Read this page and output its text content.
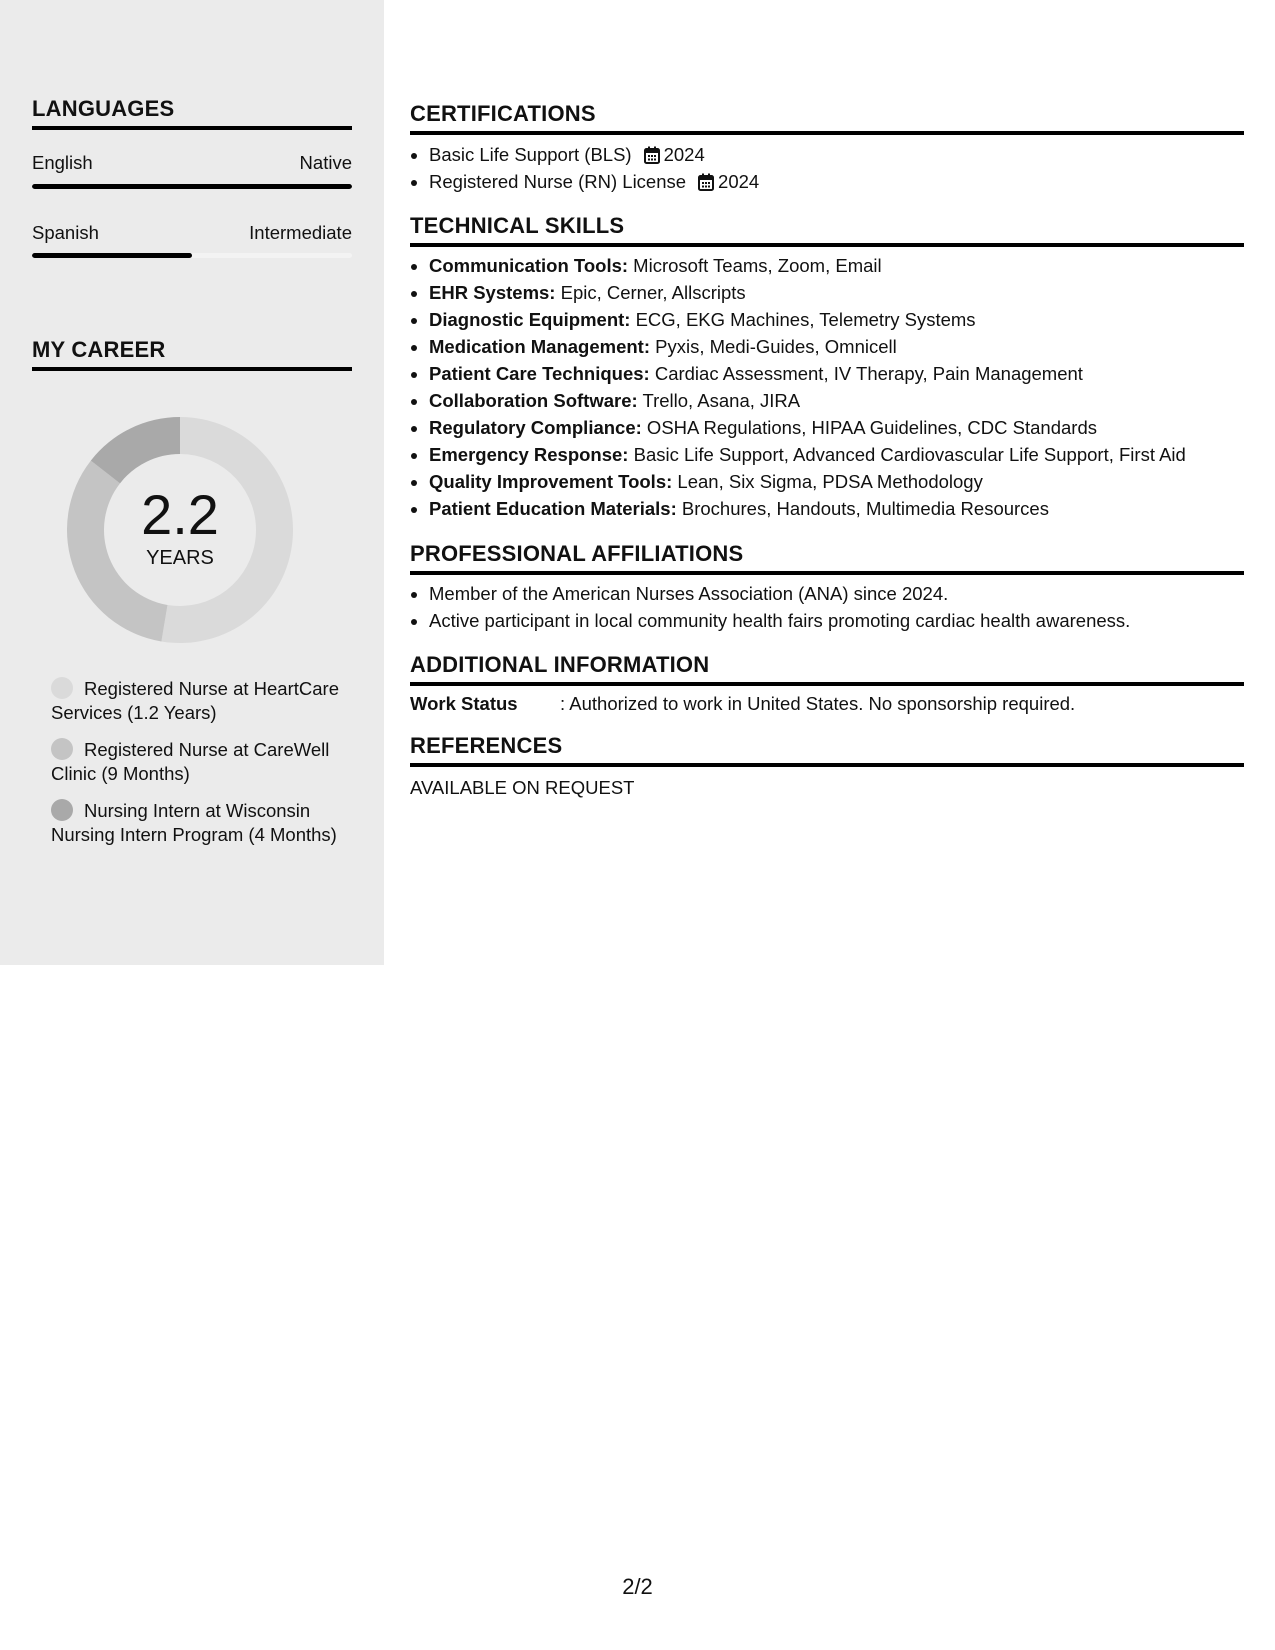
LANGUAGES
English	Native
Spanish	Intermediate
MY CAREER
2.2
YEARS
Registered Nurse at HeartCare Services (1.2 Years)
Registered Nurse at CareWell Clinic (9 Months)
Nursing Intern at Wisconsin Nursing Intern Program (4 Months)
CERTIFICATIONS
• Basic Life Support (BLS) 2024
• Registered Nurse (RN) License 2024
TECHNICAL SKILLS
• Communication Tools: Microsoft Teams, Zoom, Email
• EHR Systems: Epic, Cerner, Allscripts
• Diagnostic Equipment: ECG, EKG Machines, Telemetry Systems
• Medication Management: Pyxis, Medi-Guides, Omnicell
• Patient Care Techniques: Cardiac Assessment, IV Therapy, Pain Management
• Collaboration Software: Trello, Asana, JIRA
• Regulatory Compliance: OSHA Regulations, HIPAA Guidelines, CDC Standards
• Emergency Response: Basic Life Support, Advanced Cardiovascular Life Support, First Aid
• Quality Improvement Tools: Lean, Six Sigma, PDSA Methodology
• Patient Education Materials: Brochures, Handouts, Multimedia Resources
PROFESSIONAL AFFILIATIONS
• Member of the American Nurses Association (ANA) since 2024.
• Active participant in local community health fairs promoting cardiac health awareness.
ADDITIONAL INFORMATION
Work Status	: Authorized to work in United States. No sponsorship required.
REFERENCES
AVAILABLE ON REQUEST
2/2
